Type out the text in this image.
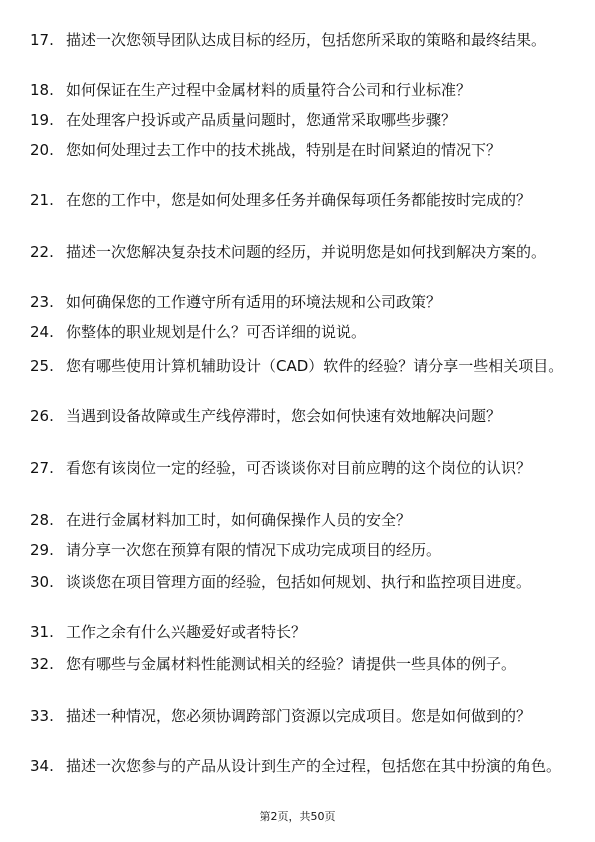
17. 描述一次您领导团队达成目标的经历，包括您所采取的策略和最终结果。
18. 如何保证在生产过程中金属材料的质量符合公司和行业标准？
19. 在处理客户投诉或产品质量问题时，您通常采取哪些步骤？
20. 您如何处理过去工作中的技术挑战，特别是在时间紧迫的情况下？
21. 在您的工作中，您是如何处理多任务并确保每项任务都能按时完成的？
22. 描述一次您解决复杂技术问题的经历，并说明您是如何找到解决方案的。
23. 如何确保您的工作遵守所有适用的环境法规和公司政策？
24. 你整体的职业规划是什么？可否详细的说说。
25. 您有哪些使用计算机辅助设计（CAD）软件的经验？请分享一些相关项目。
26. 当遇到设备故障或生产线停滞时，您会如何快速有效地解决问题？
27. 看您有该岗位一定的经验，可否谈谈你对目前应聘的这个岗位的认识？
28. 在进行金属材料加工时，如何确保操作人员的安全？
29. 请分享一次您在预算有限的情况下成功完成项目的经历。
30. 谈谈您在项目管理方面的经验，包括如何规划、执行和监控项目进度。
31. 工作之余有什么兴趣爱好或者特长？
32. 您有哪些与金属材料性能测试相关的经验？请提供一些具体的例子。
33. 描述一种情况，您必须协调跨部门资源以完成项目。您是如何做到的？
34. 描述一次您参与的产品从设计到生产的全过程，包括您在其中扮演的角色。
第2页，共50页
